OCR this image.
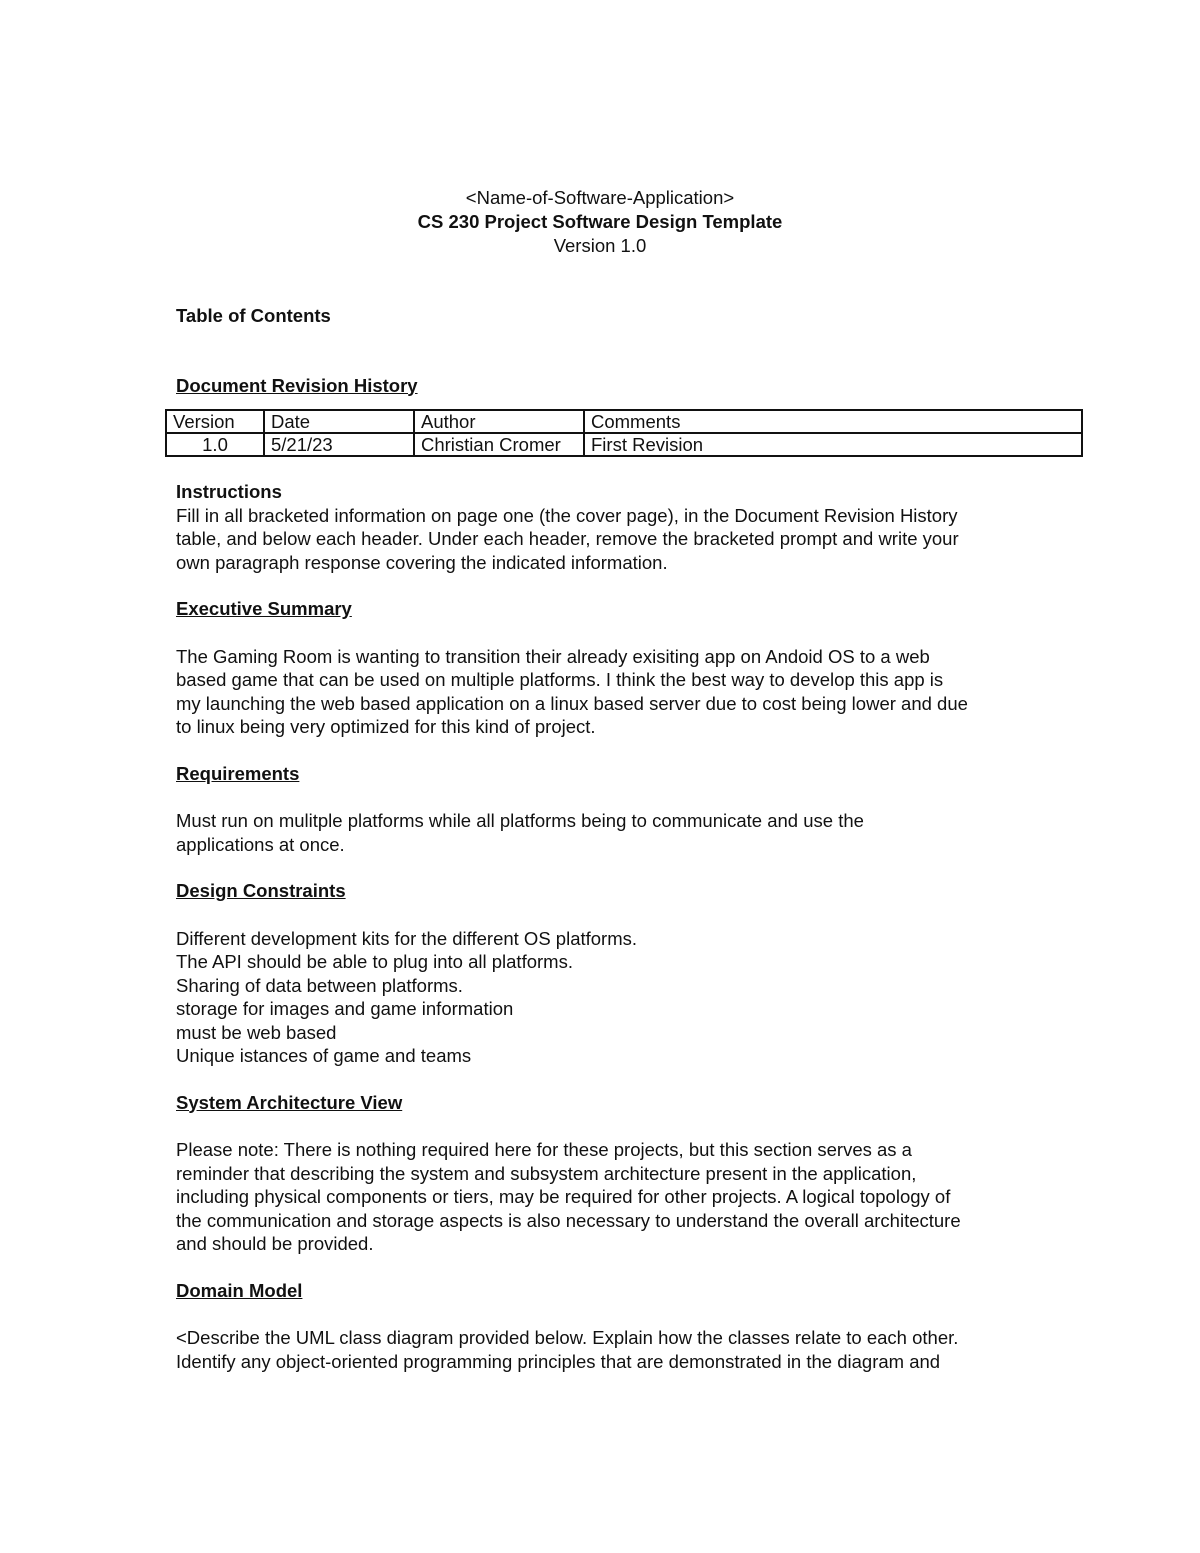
<Name-of-Software-Application>
CS 230 Project Software Design Template
Version 1.0
Table of Contents
Document Revision History
Version	Date	Author	Comments
1.0	5/21/23	Christian Cromer	First Revision

Instructions

Fill in all bracketed information on page one (the cover page), in the Document Revision History

table, and below each header. Under each header, remove the bracketed prompt and write your

own paragraph response covering the indicated information.

Executive Summary

The Gaming Room is wanting to transition their already exisiting app on Andoid OS to a web

based game that can be used on multiple platforms. I think the best way to develop this app is

my launching the web based application on a linux based server due to cost being lower and due

to linux being very optimized for this kind of project.

Requirements

Must run on mulitple platforms while all platforms being to communicate and use the

applications at once.

Design Constraints

Different development kits for the different OS platforms.

The API should be able to plug into all platforms.

Sharing of data between platforms.

storage for images and game information

must be web based

Unique istances of game and teams

System Architecture View

Please note: There is nothing required here for these projects, but this section serves as a

reminder that describing the system and subsystem architecture present in the application,

including physical components or tiers, may be required for other projects. A logical topology of

the communication and storage aspects is also necessary to understand the overall architecture

and should be provided.

Domain Model

<Describe the UML class diagram provided below. Explain how the classes relate to each other.

Identify any object-oriented programming principles that are demonstrated in the diagram and
